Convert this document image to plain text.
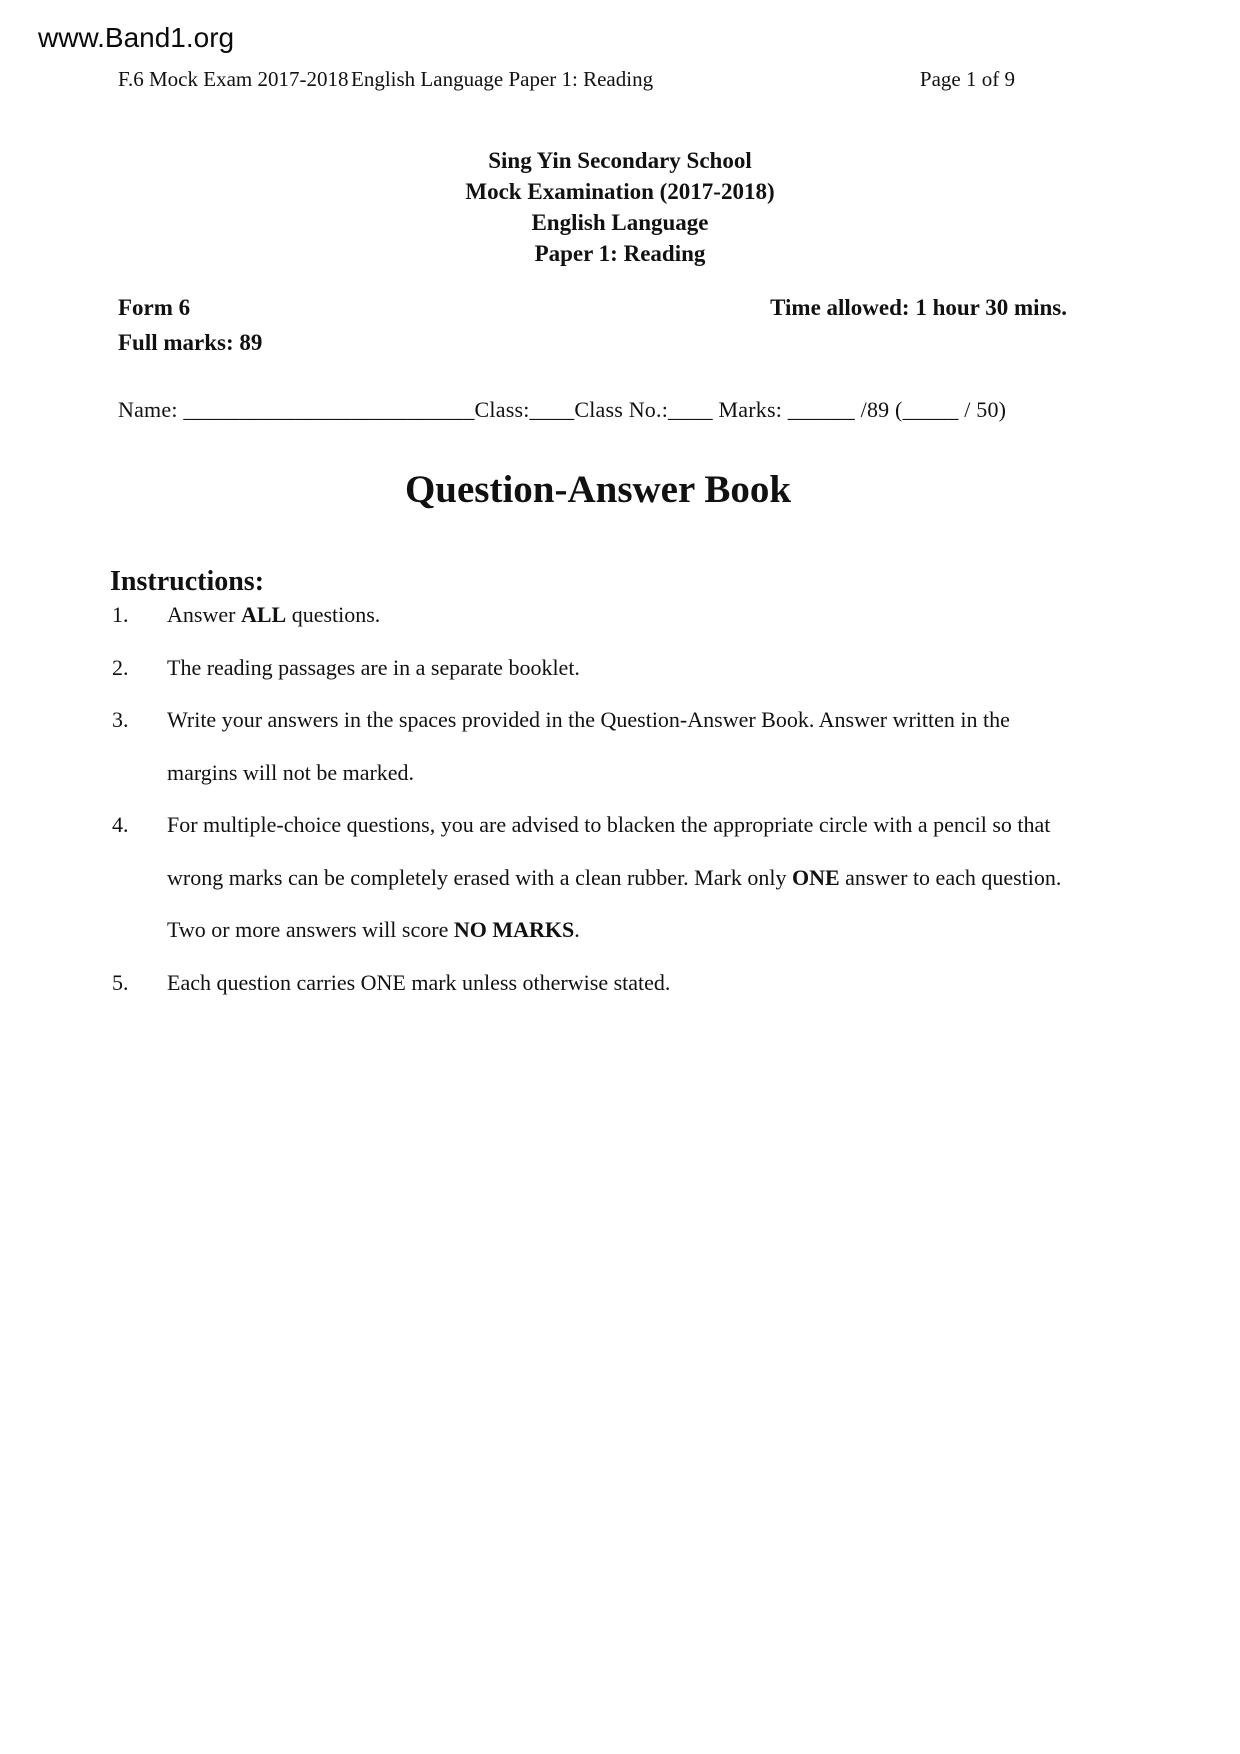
www.Band1.org
F.6 Mock Exam 2017-2018 English Language Paper 1: Reading	Page 1 of 9
Sing Yin Secondary School
Mock Examination (2017-2018)
English Language
Paper 1: Reading
Form 6	Time allowed: 1 hour 30 mins.
Full marks: 89
Name: __________________________Class:____Class No.:____ Marks: ______ /89 (_____ / 50)
Question-Answer Book
Instructions:
1.	Answer ALL questions.
2.	The reading passages are in a separate booklet.
3.	Write your answers in the spaces provided in the Question-Answer Book. Answer written in the
margins will not be marked.
4.	For multiple-choice questions, you are advised to blacken the appropriate circle with a pencil so that
wrong marks can be completely erased with a clean rubber. Mark only ONE answer to each question.
Two or more answers will score NO MARKS.
5.	Each question carries ONE mark unless otherwise stated.
